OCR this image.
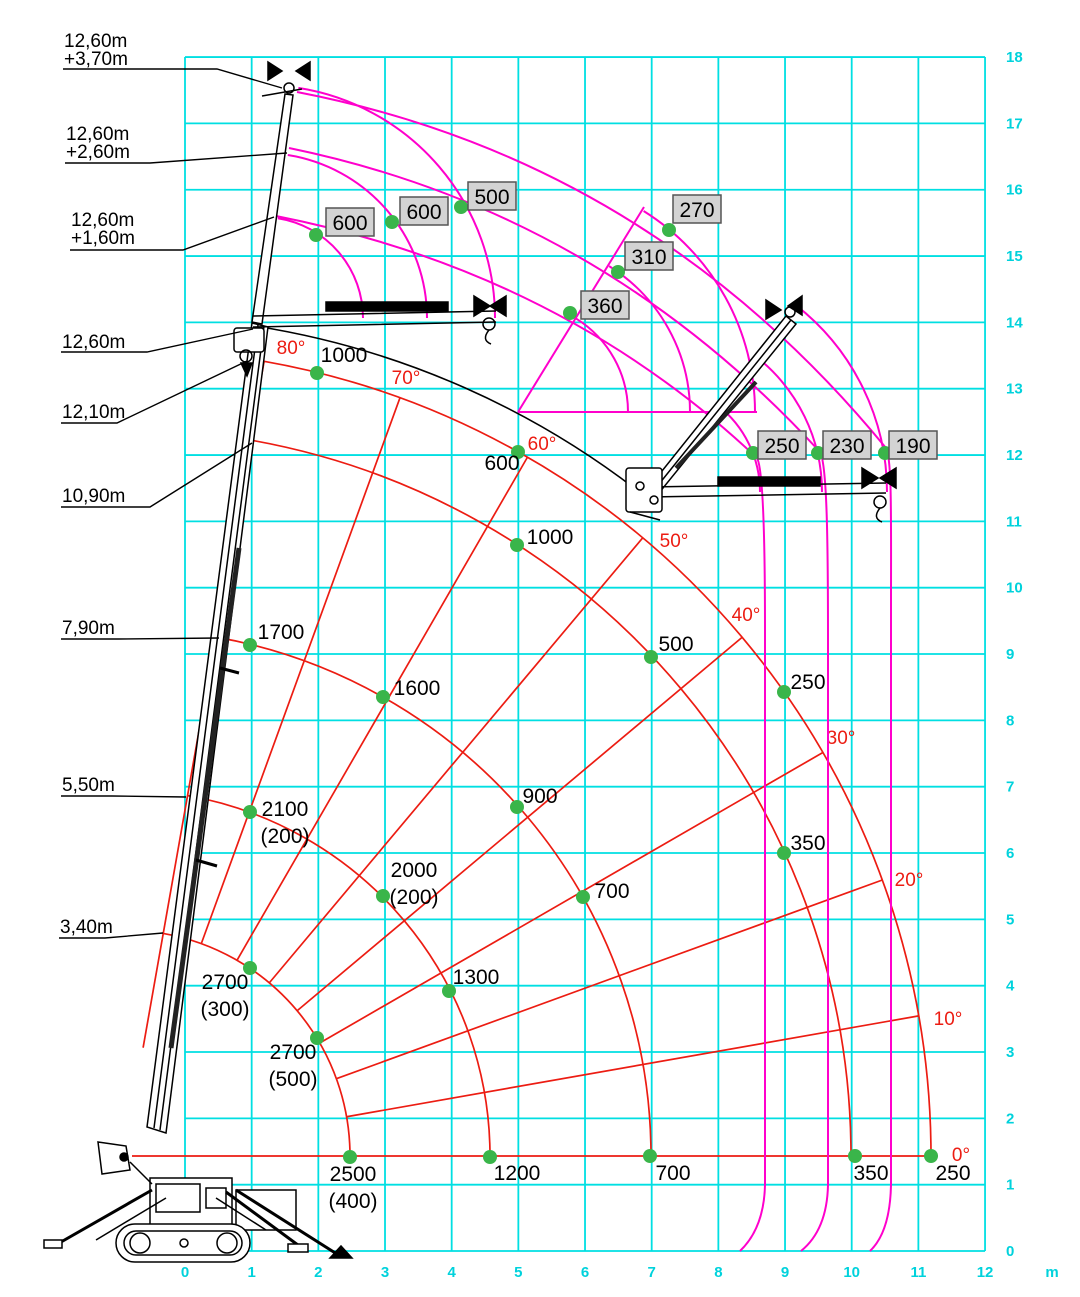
0°
10°
20°
30°
40°
50°
60°
70°
80°
600 600
500
360
310
270
250 230 190
2700
(300)
2700
(500)
2500
(400)
2100
(200)
2000
(200)
1300
1200
1700
1600
900
700
700
1000
500
350
350
1000
600
250
250
12,60m
+3,70m
12,60m
+2,60m
12,60m
+1,60m
12,60m
12,10m
10,90m
7,90m
5,50m
3,40m
0	1	2	3	4	5	6	7	8	9	10	11	12	m
0
1
2
3
4
5
6
7
8
9
10
11
12
13
14
15
16
17
18
